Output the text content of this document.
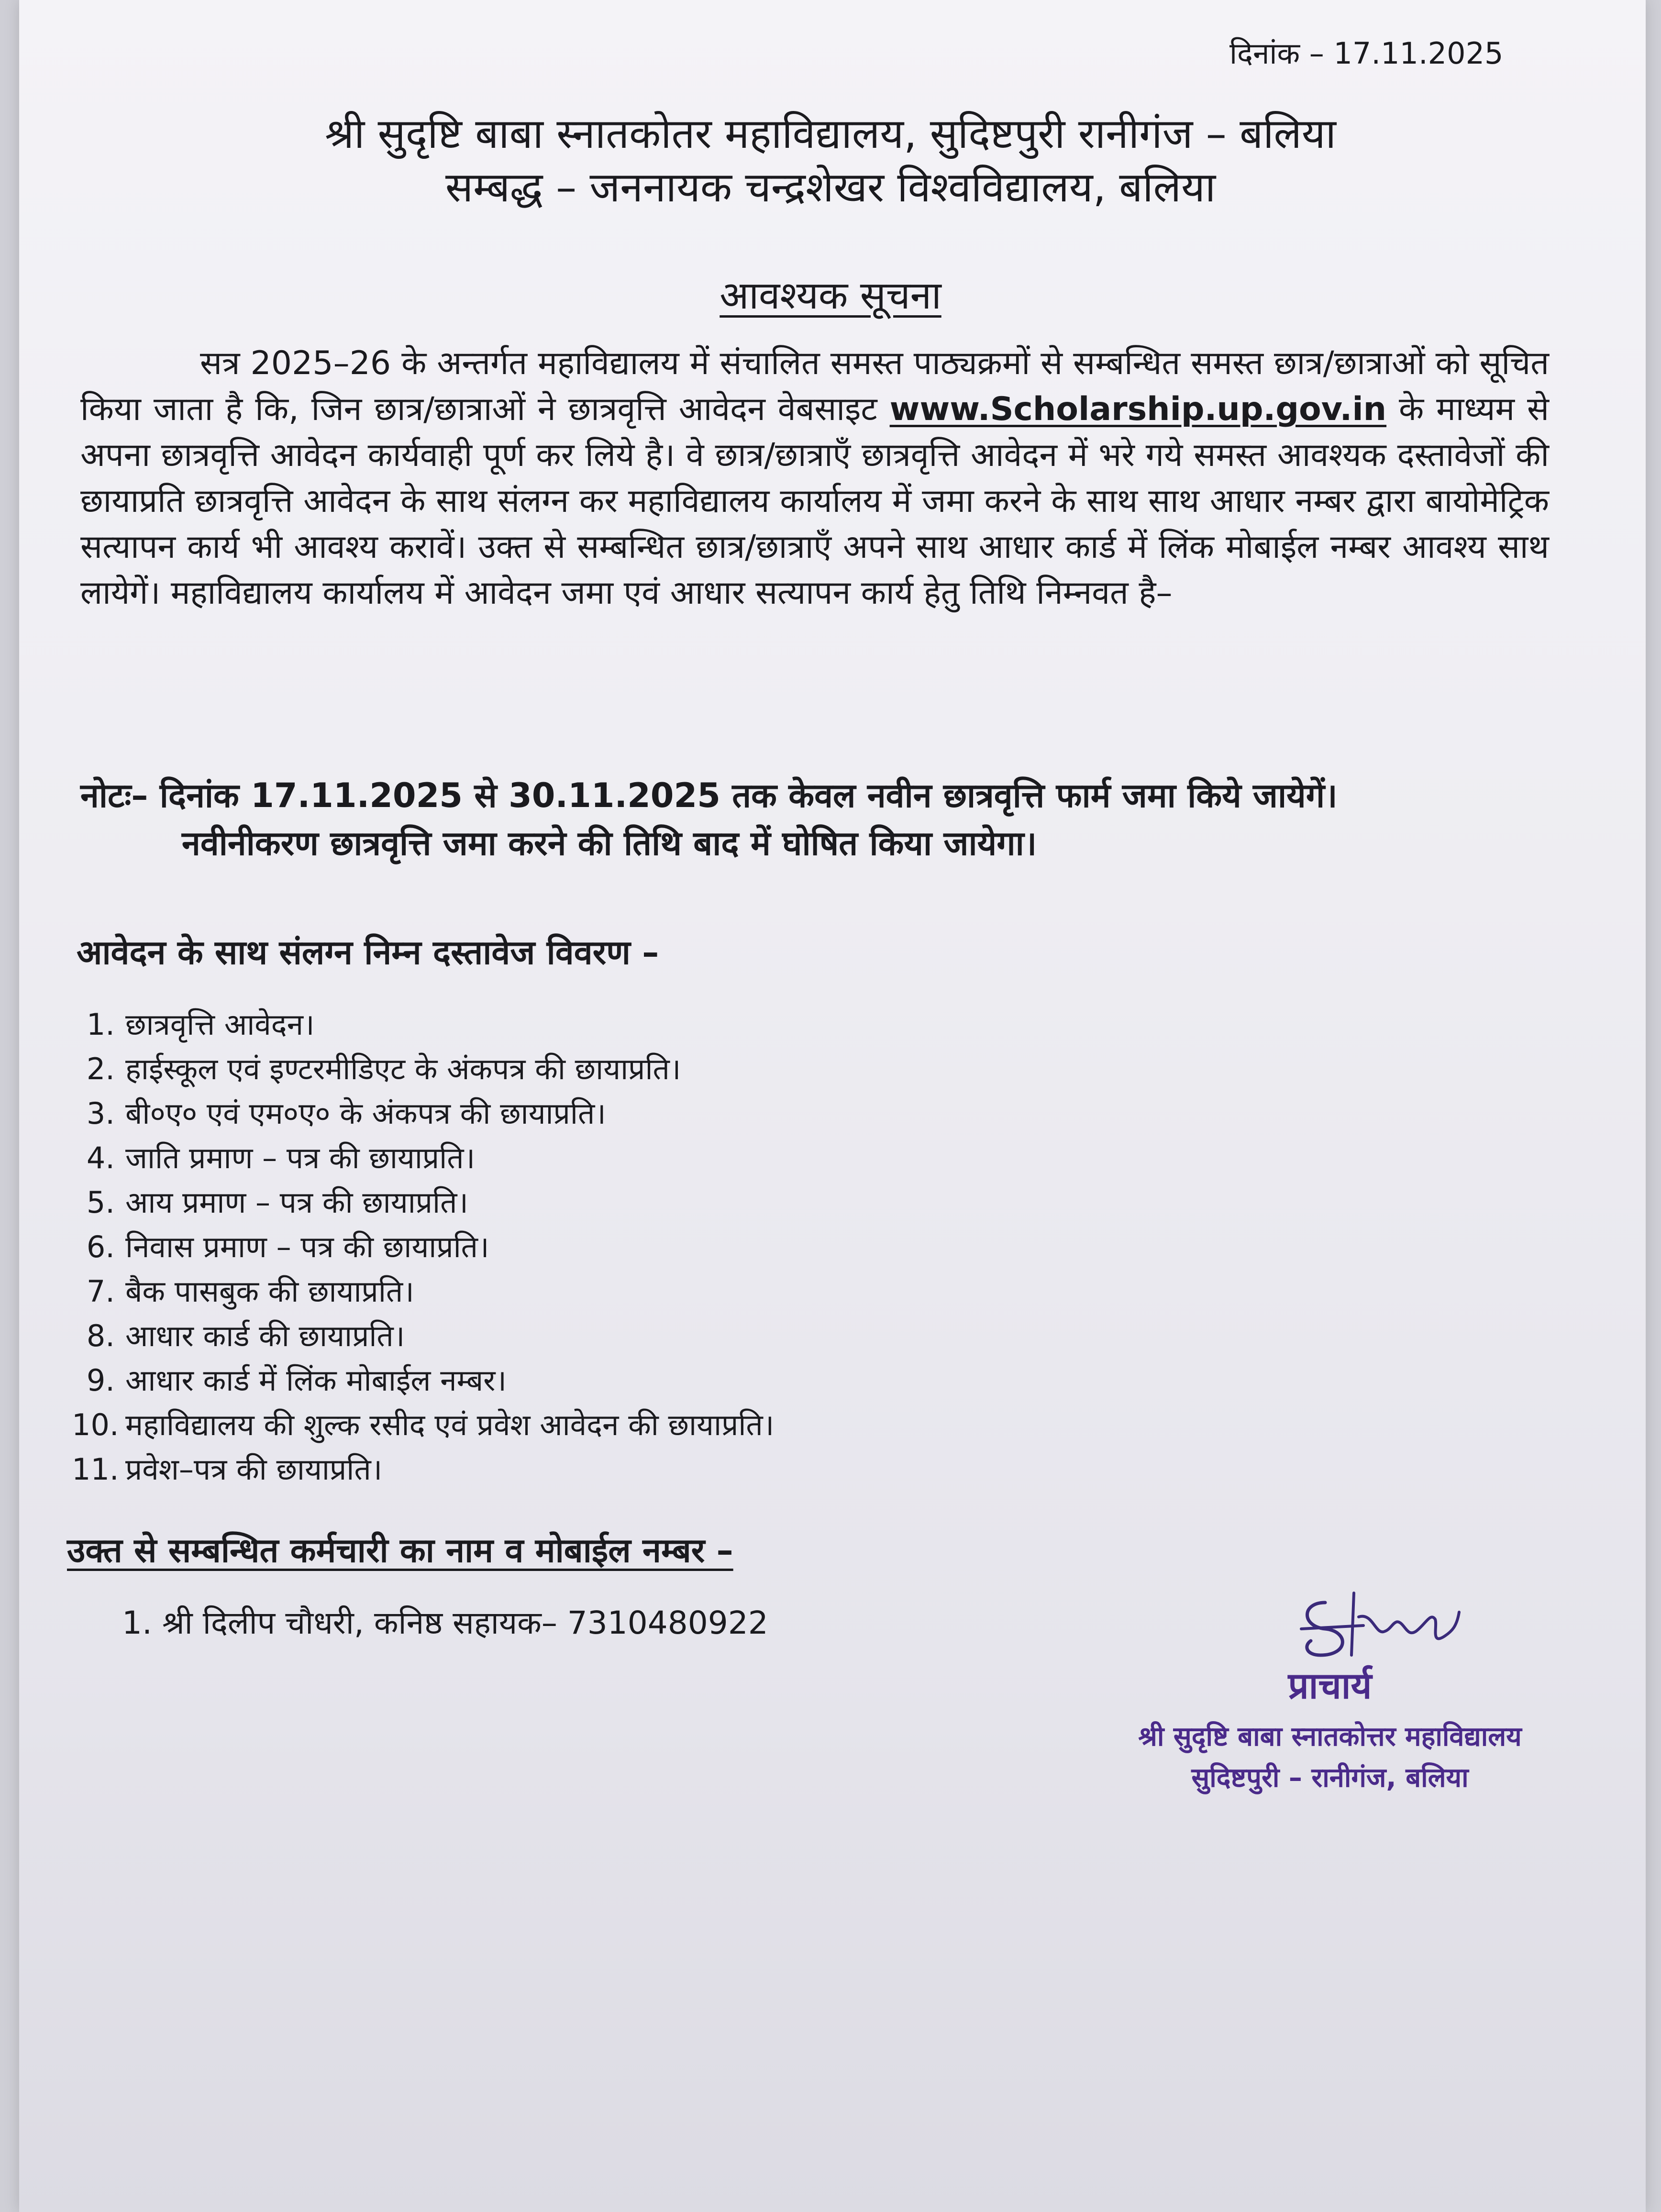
दिनांक – 17.11.2025
श्री सुदृष्टि बाबा स्नातकोतर महाविद्यालय, सुदिष्टपुरी रानीगंज – बलिया
सम्बद्ध – जननायक चन्द्रशेखर विश्वविद्यालय, बलिया
आवश्यक सूचना
सत्र 2025–26 के अन्तर्गत महाविद्यालय में संचालित समस्त पाठ्यक्रमों से सम्बन्धित समस्त छात्र/छात्राओं को सूचित किया जाता है कि, जिन छात्र/छात्राओं ने छात्रवृत्ति आवेदन वेबसाइट www.Scholarship.up.gov.in के माध्यम से अपना छात्रवृत्ति आवेदन कार्यवाही पूर्ण कर लिये है। वे छात्र/छात्राएँ छात्रवृत्ति आवेदन में भरे गये समस्त आवश्यक दस्तावेजों की छायाप्रति छात्रवृत्ति आवेदन के साथ संलग्न कर महाविद्यालय कार्यालय में जमा करने के साथ साथ आधार नम्बर द्वारा बायोमेट्रिक सत्यापन कार्य भी आवश्य करावें। उक्त से सम्बन्धित छात्र/छात्राएँ अपने साथ आधार कार्ड में लिंक मोबाईल नम्बर आवश्य साथ लायेगें। महाविद्यालय कार्यालय में आवेदन जमा एवं आधार सत्यापन कार्य हेतु तिथि निम्नवत है–
नोटः– दिनांक 17.11.2025 से 30.11.2025 तक केवल नवीन छात्रवृत्ति फार्म जमा किये जायेगें।
नवीनीकरण छात्रवृत्ति जमा करने की तिथि बाद में घोषित किया जायेगा।
आवेदन के साथ संलग्न निम्न दस्तावेज विवरण –
1. छात्रवृत्ति आवेदन।
2. हाईस्कूल एवं इण्टरमीडिएट के अंकपत्र की छायाप्रति।
3. बी०ए० एवं एम०ए० के अंकपत्र की छायाप्रति।
4. जाति प्रमाण – पत्र की छायाप्रति।
5. आय प्रमाण – पत्र की छायाप्रति।
6. निवास प्रमाण – पत्र की छायाप्रति।
7. बैक पासबुक की छायाप्रति।
8. आधार कार्ड की छायाप्रति।
9. आधार कार्ड में लिंक मोबाईल नम्बर।
10. महाविद्यालय की शुल्क रसीद एवं प्रवेश आवेदन की छायाप्रति।
11. प्रवेश–पत्र की छायाप्रति।
उक्त से सम्बन्धित कर्मचारी का नाम व मोबाईल नम्बर –
1. श्री दिलीप चौधरी, कनिष्ठ सहायक– 7310480922
प्राचार्य
श्री सुदृष्टि बाबा स्नातकोत्तर महाविद्यालय
सुदिष्टपुरी – रानीगंज, बलिया
